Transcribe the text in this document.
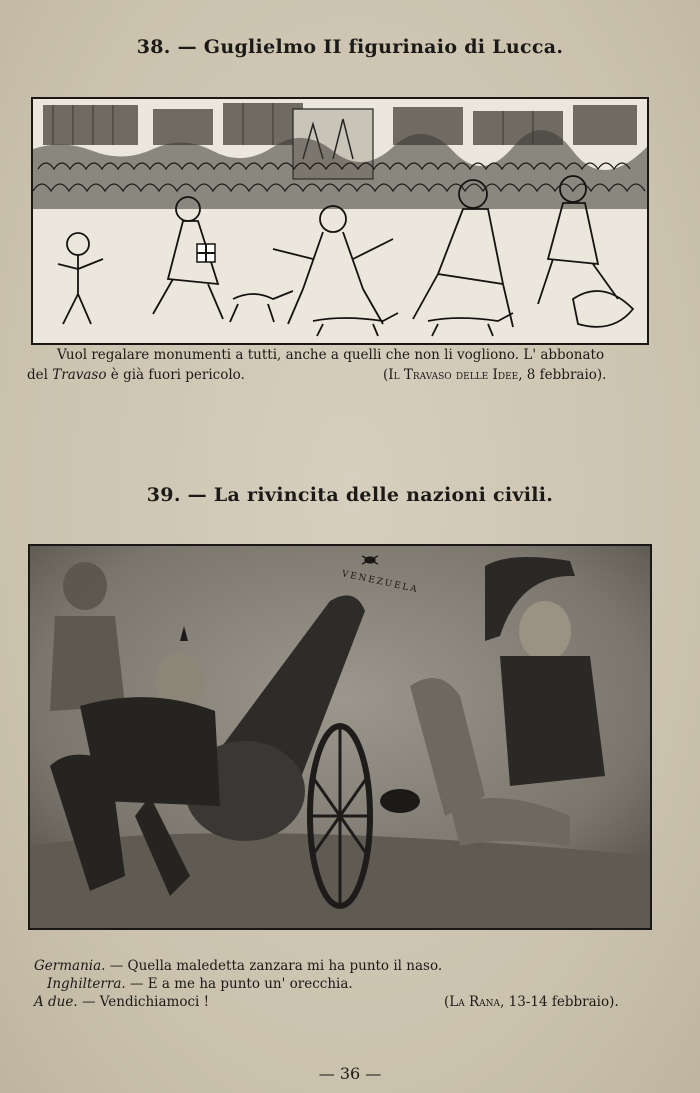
38. — Guglielmo II figurinaio di Lucca.
Vuol regalare monumenti a tutti, anche a quelli che non li vogliono. L' abbonato
del Travaso è già fuori pericolo.	(Il Travaso delle Idee, 8 febbraio).
39. — La rivincita delle nazioni civili.
VENEZUELA
Germania. — Quella maledetta zanzara mi ha punto il naso.
Inghilterra. — E a me ha punto un' orecchia.
A due. — Vendichiamoci !	(La Rana, 13-14 febbraio).
— 36 —
